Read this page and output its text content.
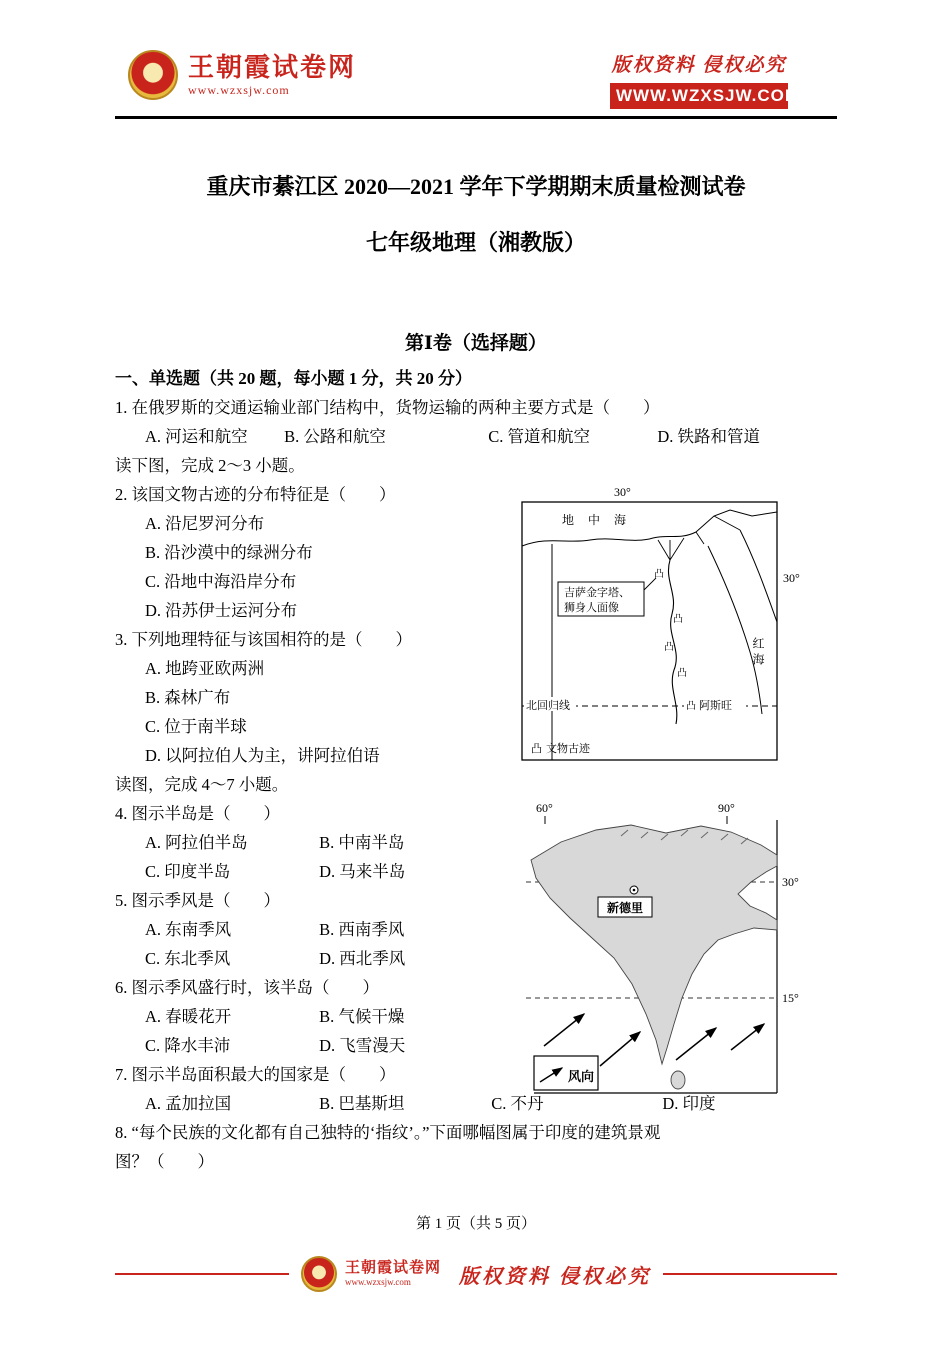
王朝霞试卷网
www.wzxsjw.com
版权资料 侵权必究
WWW.WZXSJW.COM
重庆市綦江区 2020—2021 学年下学期期末质量检测试卷
七年级地理（湘教版）
第Ⅰ卷（选择题）
一、单选题（共 20 题，每小题 1 分，共 20 分）
1. 在俄罗斯的交通运输业部门结构中，货物运输的两种主要方式是（　　）
A. 河运和航空 B. 公路和航空	C. 管道和航空	D. 铁路和管道
读下图，完成 2～3 小题。
2. 该国文物古迹的分布特征是（　　）
A. 沿尼罗河分布
B. 沿沙漠中的绿洲分布
C. 沿地中海沿岸分布
D. 沿苏伊士运河分布
3. 下列地理特征与该国相符的是（　　）
A. 地跨亚欧两洲
B. 森林广布
C. 位于南半球
D. 以阿拉伯人为主，讲阿拉伯语
读图，完成 4～7 小题。
4. 图示半岛是（　　）
A. 阿拉伯半岛	B. 中南半岛
C. 印度半岛	D. 马来半岛
5. 图示季风是（　　）
A. 东南季风	B. 西南季风
C. 东北季风	D. 西北季风
6. 图示季风盛行时，该半岛（　　）
A. 春暖花开	B. 气候干燥
C. 降水丰沛	D. 飞雪漫天
7. 图示半岛面积最大的国家是（　　）
A. 孟加拉国	B. 巴基斯坦	C. 不丹	D. 印度
8. “每个民族的文化都有自己独特的‘指纹’。”下面哪幅图属于印度的建筑景观
图？（　　）
30°
30°
地中海
红海
凸
凸
凸
凸
吉萨金字塔、
狮身人面像
北回归线	凸 阿斯旺
凸 文物古迹
60°	90°
30°
15°
新德里
风向
第 1 页（共 5 页）
王朝霞试卷网
www.wzxsjw.com	版权资料 侵权必究
